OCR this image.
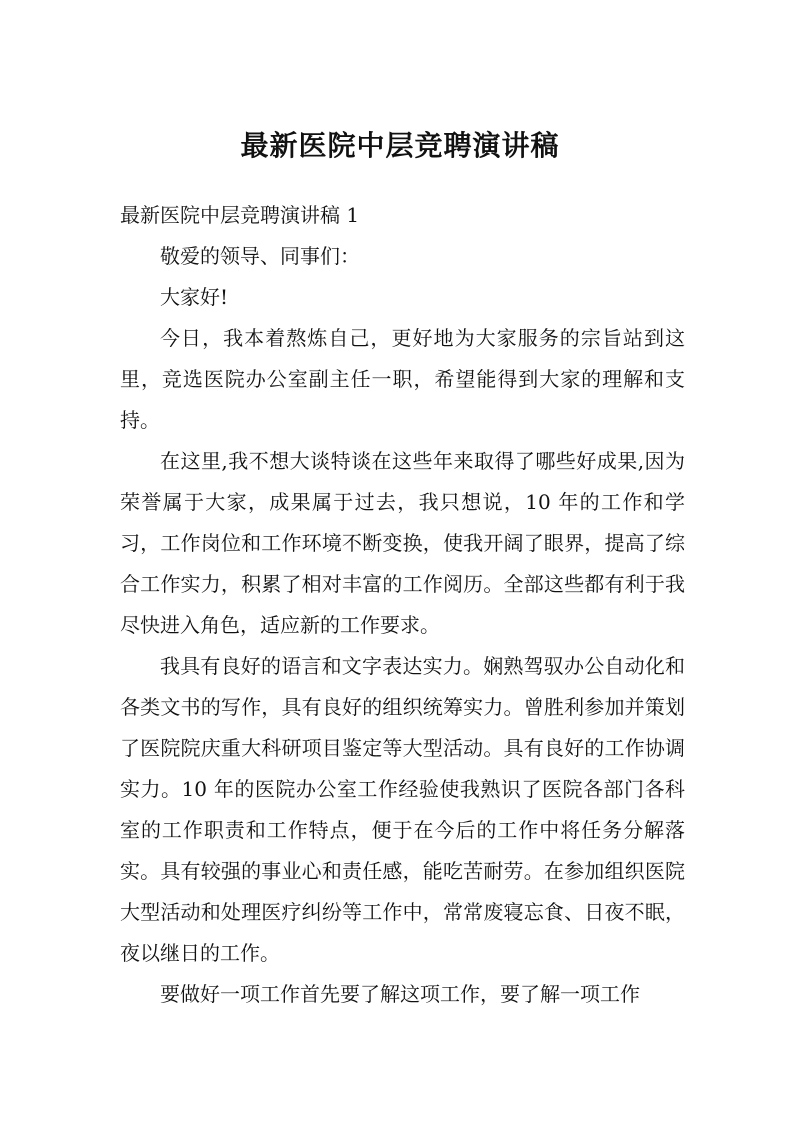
最新医院中层竞聘演讲稿

最新医院中层竞聘演讲稿 1

敬爱的领导、同事们：

大家好!

今日，我本着熬炼自己，更好地为大家服务的宗旨站到这里，竞选医院办公室副主任一职，希望能得到大家的理解和支持。

在这里,我不想大谈特谈在这些年来取得了哪些好成果,因为荣誉属于大家，成果属于过去，我只想说，10 年的工作和学习，工作岗位和工作环境不断变换，使我开阔了眼界，提高了综合工作实力，积累了相对丰富的工作阅历。全部这些都有利于我尽快进入角色，适应新的工作要求。

我具有良好的语言和文字表达实力。娴熟驾驭办公自动化和各类文书的写作，具有良好的组织统筹实力。曾胜利参加并策划了医院院庆重大科研项目鉴定等大型活动。具有良好的工作协调实力。10 年的医院办公室工作经验使我熟识了医院各部门各科室的工作职责和工作特点，便于在今后的工作中将任务分解落实。具有较强的事业心和责任感，能吃苦耐劳。在参加组织医院大型活动和处理医疗纠纷等工作中，常常废寝忘食、日夜不眠，夜以继日的工作。

要做好一项工作首先要了解这项工作，要了解一项工作
